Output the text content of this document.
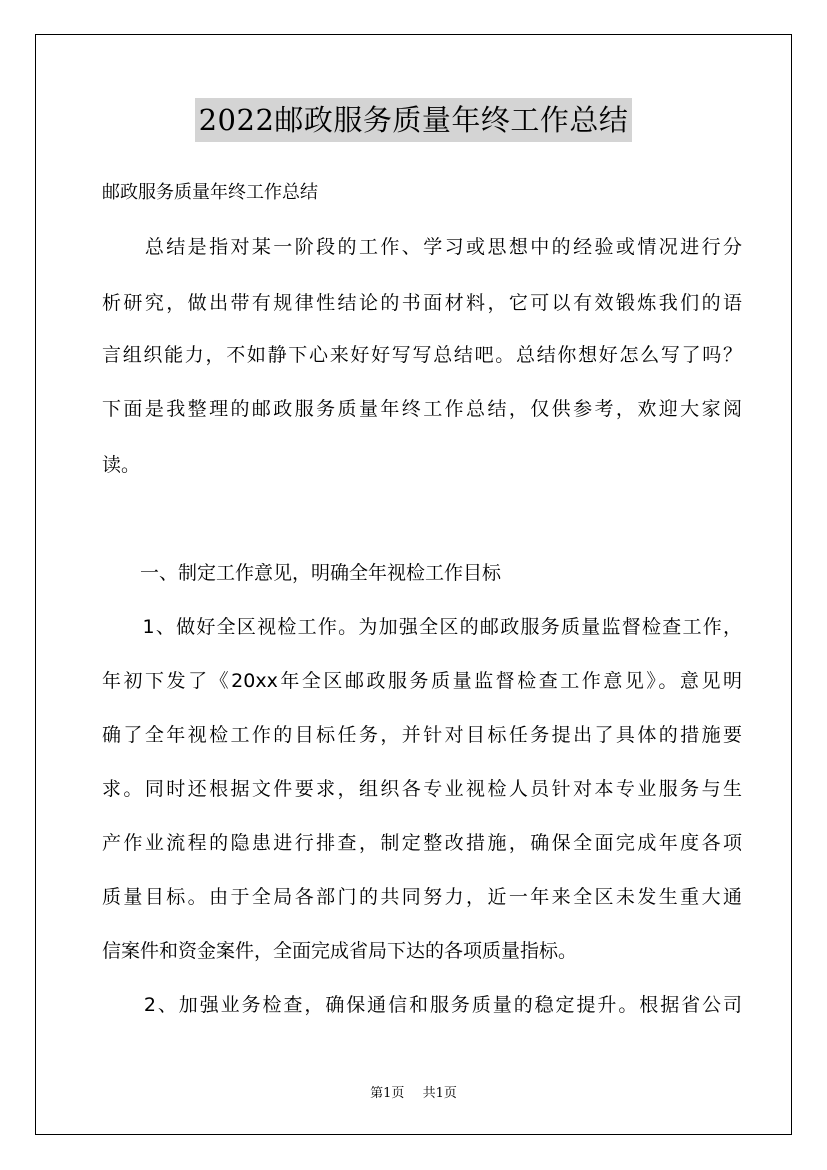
2022邮政服务质量年终工作总结
邮政服务质量年终工作总结

　　总结是指对某一阶段的工作、学习或思想中的经验或情况进行分

析研究，做出带有规律性结论的书面材料，它可以有效锻炼我们的语

言组织能力，不如静下心来好好写写总结吧。总结你想好怎么写了吗？

下面是我整理的邮政服务质量年终工作总结，仅供参考，欢迎大家阅

读。

　　一、制定工作意见，明确全年视检工作目标

　　1、做好全区视检工作。为加强全区的邮政服务质量监督检查工作，

年初下发了《20xx年全区邮政服务质量监督检查工作意见》。意见明

确了全年视检工作的目标任务，并针对目标任务提出了具体的措施要

求。同时还根据文件要求，组织各专业视检人员针对本专业服务与生

产作业流程的隐患进行排查，制定整改措施，确保全面完成年度各项

质量目标。由于全局各部门的共同努力，近一年来全区未发生重大通

信案件和资金案件，全面完成省局下达的各项质量指标。

　　2、加强业务检查，确保通信和服务质量的稳定提升。根据省公司

第1页 共1页
